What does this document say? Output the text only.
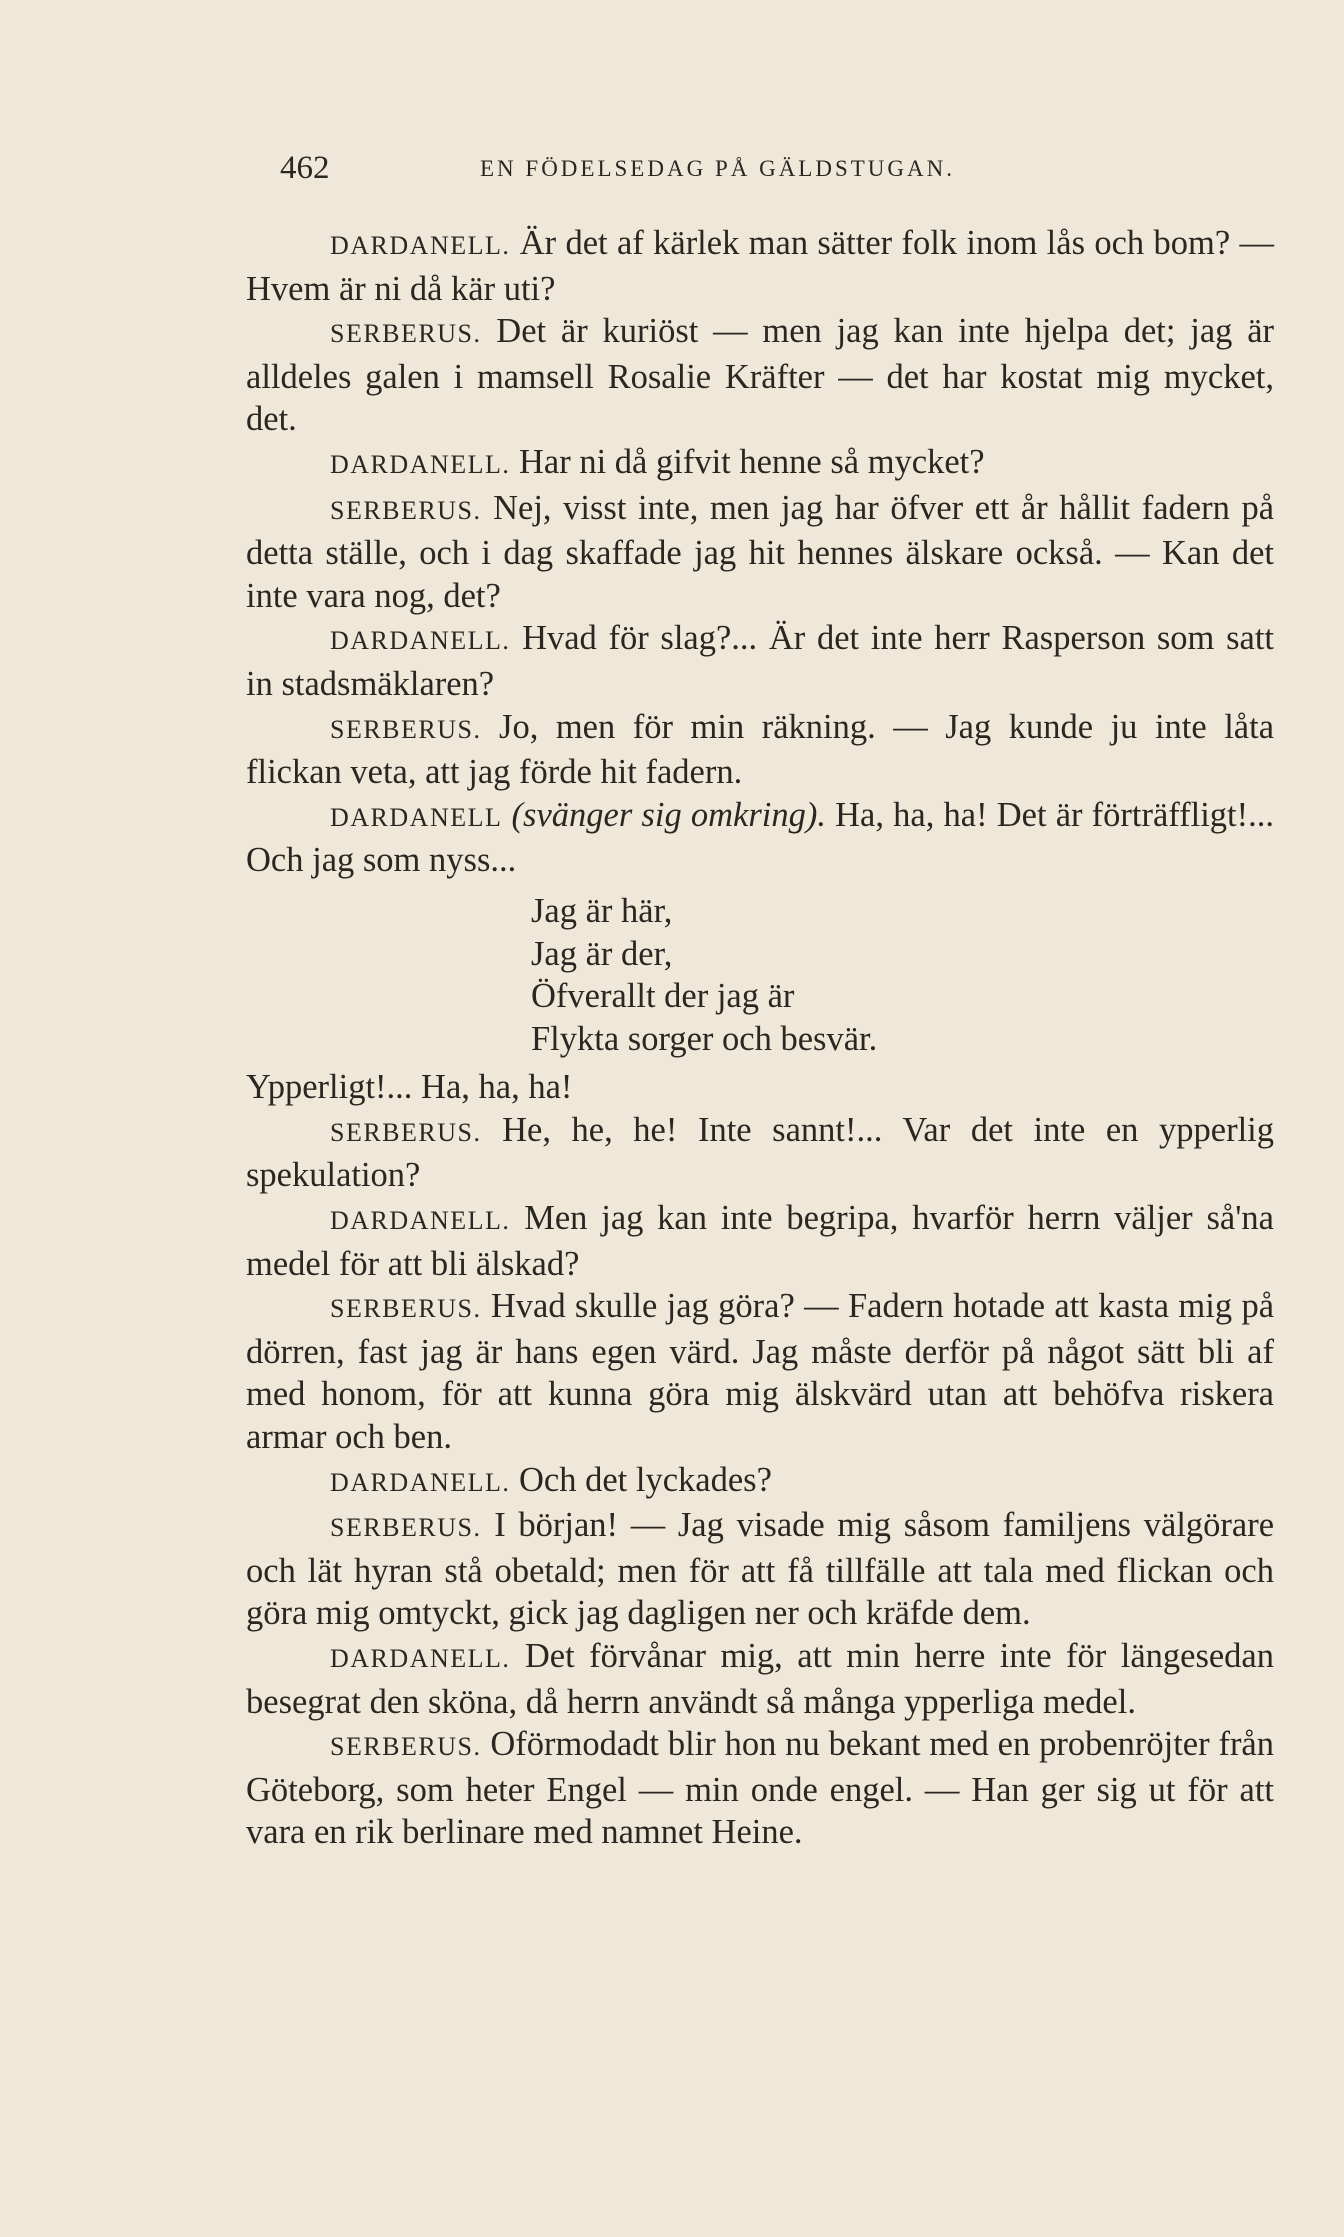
462	EN FÖDELSEDAG PÅ GÄLDSTUGAN.

DARDANELL. Är det af kärlek man sätter folk inom lås och bom? — Hvem är ni då kär uti?

SERBERUS. Det är kuriöst — men jag kan inte hjelpa det; jag är alldeles galen i mamsell Rosalie Kräfter — det har kostat mig mycket, det.

DARDANELL. Har ni då gifvit henne så mycket?

SERBERUS. Nej, visst inte, men jag har öfver ett år hållit fadern på detta ställe, och i dag skaffade jag hit hennes älskare också. — Kan det inte vara nog, det?

DARDANELL. Hvad för slag?... Är det inte herr Rasperson som satt in stadsmäklaren?

SERBERUS. Jo, men för min räkning. — Jag kunde ju inte låta flickan veta, att jag förde hit fadern.

DARDANELL (svänger sig omkring). Ha, ha, ha! Det är förträffligt!... Och jag som nyss...

Jag är här,
Jag är der,
Öfverallt der jag är
Flykta sorger och besvär.

Ypperligt!... Ha, ha, ha!

SERBERUS. He, he, he! Inte sannt!... Var det inte en ypperlig spekulation?

DARDANELL. Men jag kan inte begripa, hvarför herrn väljer så'na medel för att bli älskad?

SERBERUS. Hvad skulle jag göra? — Fadern hotade att kasta mig på dörren, fast jag är hans egen värd. Jag måste derför på något sätt bli af med honom, för att kunna göra mig älskvärd utan att behöfva riskera armar och ben.

DARDANELL. Och det lyckades?

SERBERUS. I början! — Jag visade mig såsom familjens välgörare och lät hyran stå obetald; men för att få tillfälle att tala med flickan och göra mig omtyckt, gick jag dagligen ner och kräfde dem.

DARDANELL. Det förvånar mig, att min herre inte för längesedan besegrat den sköna, då herrn användt så många ypperliga medel.

SERBERUS. Oförmodadt blir hon nu bekant med en probenröjter från Göteborg, som heter Engel — min onde engel. — Han ger sig ut för att vara en rik berlinare med namnet Heine.
